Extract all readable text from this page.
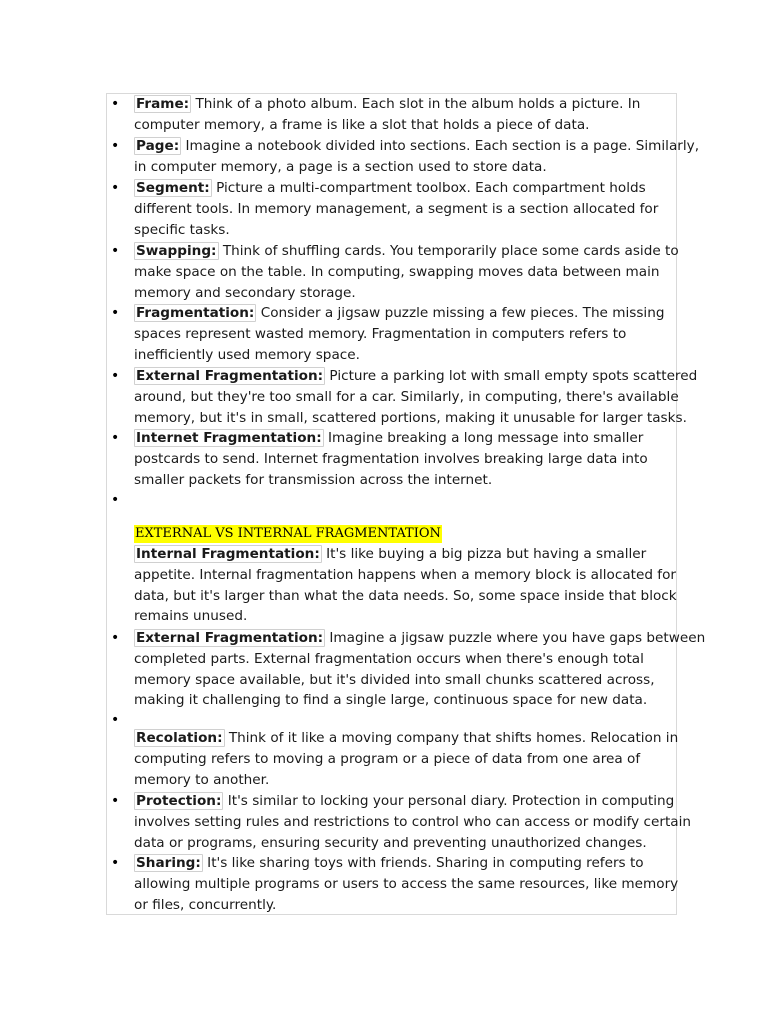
• Frame: Think of a photo album. Each slot in the album holds a picture. In
computer memory, a frame is like a slot that holds a piece of data.
• Page: Imagine a notebook divided into sections. Each section is a page. Similarly,
in computer memory, a page is a section used to store data.
• Segment: Picture a multi-compartment toolbox. Each compartment holds
different tools. In memory management, a segment is a section allocated for
specific tasks.
• Swapping: Think of shuffling cards. You temporarily place some cards aside to
make space on the table. In computing, swapping moves data between main
memory and secondary storage.
• Fragmentation: Consider a jigsaw puzzle missing a few pieces. The missing
spaces represent wasted memory. Fragmentation in computers refers to
inefficiently used memory space.
• External Fragmentation: Picture a parking lot with small empty spots scattered
around, but they're too small for a car. Similarly, in computing, there's available
memory, but it's in small, scattered portions, making it unusable for larger tasks.
• Internet Fragmentation: Imagine breaking a long message into smaller
postcards to send. Internet fragmentation involves breaking large data into
smaller packets for transmission across the internet.
•
EXTERNAL VS INTERNAL FRAGMENTATION
Internal Fragmentation: It's like buying a big pizza but having a smaller
appetite. Internal fragmentation happens when a memory block is allocated for
data, but it's larger than what the data needs. So, some space inside that block
remains unused.
• External Fragmentation: Imagine a jigsaw puzzle where you have gaps between
completed parts. External fragmentation occurs when there's enough total
memory space available, but it's divided into small chunks scattered across,
making it challenging to find a single large, continuous space for new data.
•
Recolation: Think of it like a moving company that shifts homes. Relocation in
computing refers to moving a program or a piece of data from one area of
memory to another.
• Protection: It's similar to locking your personal diary. Protection in computing
involves setting rules and restrictions to control who can access or modify certain
data or programs, ensuring security and preventing unauthorized changes.
• Sharing: It's like sharing toys with friends. Sharing in computing refers to
allowing multiple programs or users to access the same resources, like memory
or files, concurrently.
